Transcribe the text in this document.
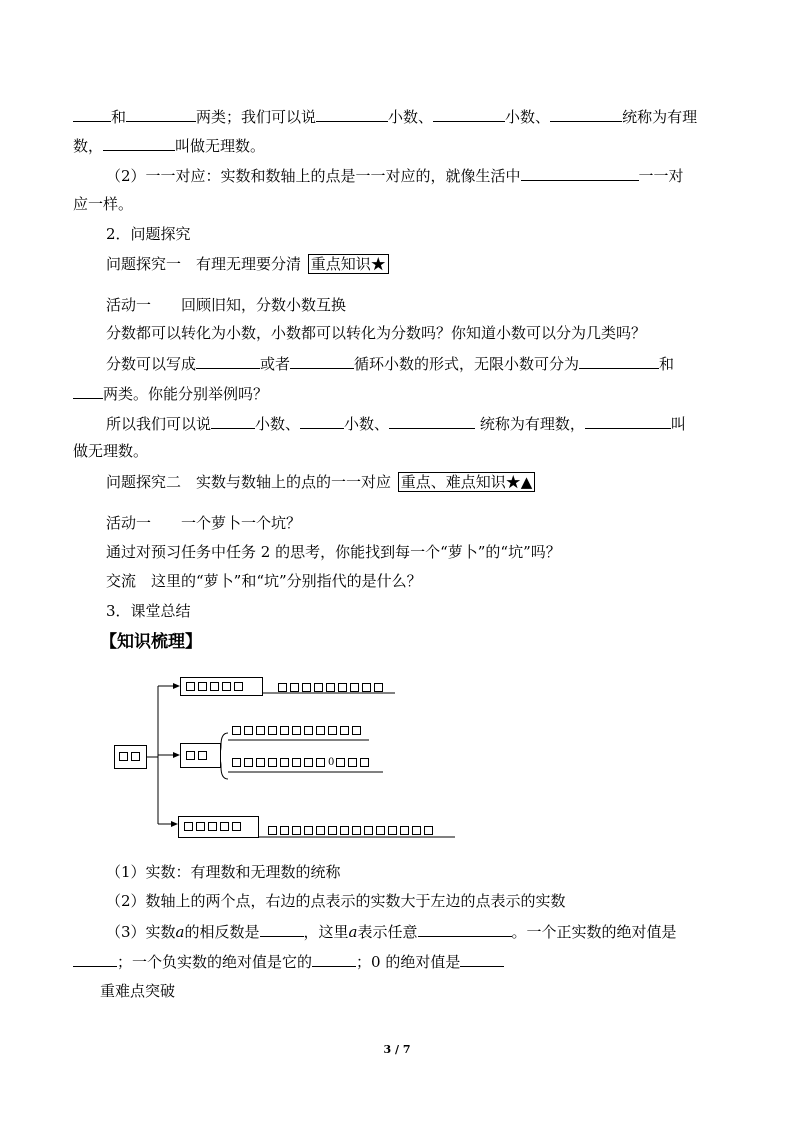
和	两类；我们可以说	小数、	小数、	统称为有理
数，	叫做无理数。
（2）一一对应：实数和数轴上的点是一一对应的，就像生活中	一一对
应一样。
2．问题探究
问题探究一　有理无理要分清 重点知识★
活动一　　回顾旧知，分数小数互换
分数都可以转化为小数，小数都可以转化为分数吗？你知道小数可以分为几类吗？
分数可以写成	或者	循环小数的形式，无限小数可分为	和
两类。你能分别举例吗？
所以我们可以说	小数、	小数、	统称为有理数，	叫
做无理数。
问题探究二　实数与数轴上的点的一一对应 重点、难点知识★▲
活动一　　一个萝卜一个坑？
通过对预习任务中任务 2 的思考，你能找到每一个“萝卜”的“坑”吗？
交流　这里的“萝卜”和“坑”分别指代的是什么？
3．课堂总结
【知识梳理】
0
（1）实数：有理数和无理数的统称
（2）数轴上的两个点，右边的点表示的实数大于左边的点表示的实数
（3）实数a的相反数是	，这里a表示任意	。一个正实数的绝对值是
；一个负实数的绝对值是它的	；0 的绝对值是
重难点突破
3 / 7
